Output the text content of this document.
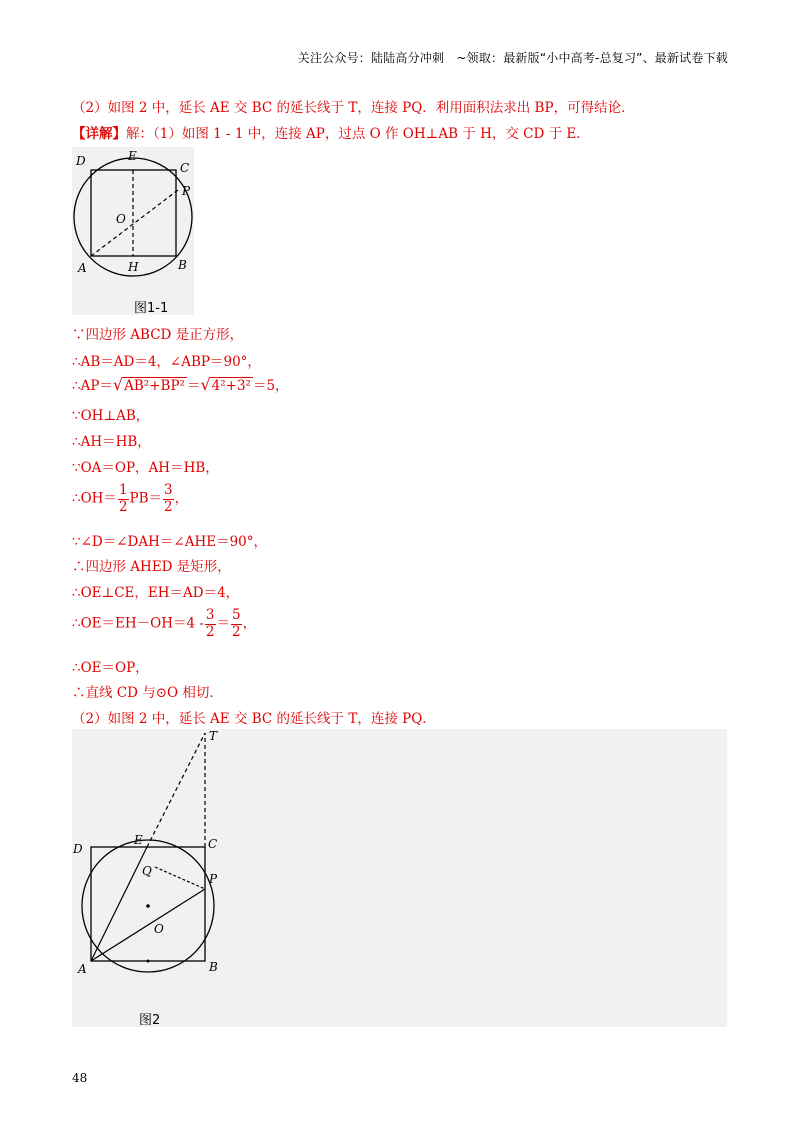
关注公众号：陆陆高分冲刺　~领取：最新版“小中高考-总复习”、最新试卷下载
（2）如图 2 中，延长 AE 交 BC 的延长线于 T，连接 PQ．利用面积法求出 BP，可得结论．
【详解】解：（1）如图 1 - 1 中，连接 AP，过点 O 作 OH⊥AB 于 H，交 CD 于 E．
D	E
C
P
O
A	H	B
图1-1
∵四边形 ABCD 是正方形，
∴AB＝AD＝4，∠ABP＝90°，
∴AP＝√AB²+BP² ＝√4²+3² ＝5，
∵OH⊥AB，
∴AH＝HB，
∵OA＝OP，AH＝HB，
∴OH＝ $\frac{1}{2} PB= \frac{3}{2}$ ，
∵∠D＝∠DAH＝∠AHE＝90°，
∴四边形 AHED 是矩形，
∴OE⊥CE，EH＝AD＝4，
∴OE＝EH－OH＝4 - $\frac{3}{2} = \frac{5}{2}$ ，
∴OE＝OP，
∴直线 CD 与⊙O 相切．
（2）如图 2 中，延长 AE 交 BC 的延长线于 T，连接 PQ．
T
E	C
D
Q
P
O
A	B
图2
48
